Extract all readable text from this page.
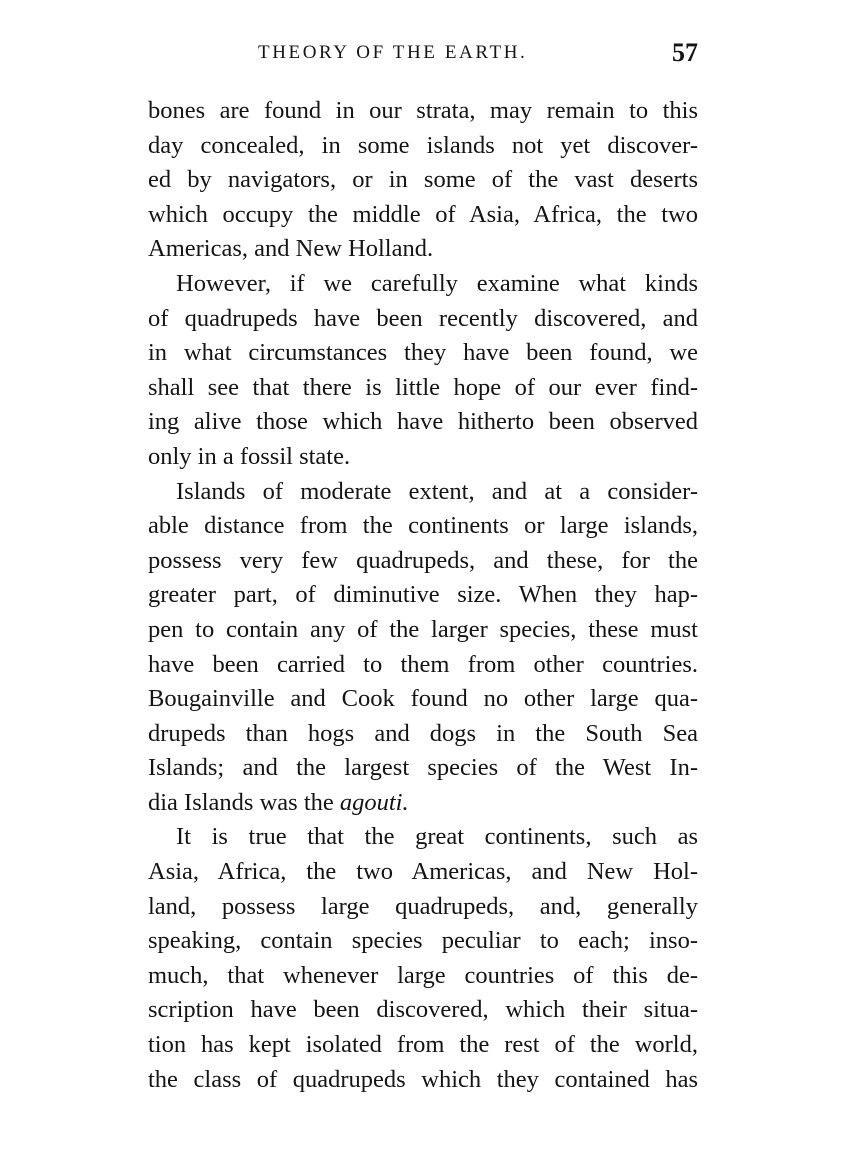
THEORY OF THE EARTH.	57
bones are found in our strata, may remain to this
day concealed, in some islands not yet discover-
ed by navigators, or in some of the vast deserts
which occupy the middle of Asia, Africa, the two
Americas, and New Holland.
However, if we carefully examine what kinds
of quadrupeds have been recently discovered, and
in what circumstances they have been found, we
shall see that there is little hope of our ever find-
ing alive those which have hitherto been observed
only in a fossil state.
Islands of moderate extent, and at a consider-
able distance from the continents or large islands,
possess very few quadrupeds, and these, for the
greater part, of diminutive size. When they hap-
pen to contain any of the larger species, these must
have been carried to them from other countries.
Bougainville and Cook found no other large qua-
drupeds than hogs and dogs in the South Sea
Islands; and the largest species of the West In-
dia Islands was the agouti.
It is true that the great continents, such as
Asia, Africa, the two Americas, and New Hol-
land, possess large quadrupeds, and, generally
speaking, contain species peculiar to each; inso-
much, that whenever large countries of this de-
scription have been discovered, which their situa-
tion has kept isolated from the rest of the world,
the class of quadrupeds which they contained has
